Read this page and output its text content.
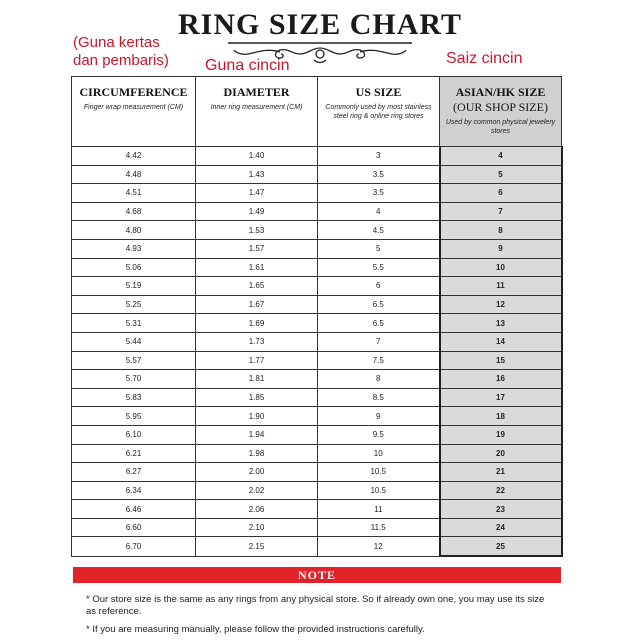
RING SIZE CHART
(Guna kertas
dan pembaris) Guna cincin	Saiz cincin
CIRCUMFERENCE
Finger wrap measurement (CM)	DIAMETER
Inner ring measurement (CM)	US SIZE
Commonly used by most stainless steel ring & online ring stores	ASIAN/HK SIZE
(OUR SHOP SIZE)
Used by common physical jewelery stores

4.42	1.40	3	4
4.48	1.43	3.5	5
4.51	1.47	3.5	6
4.68	1.49	4	7
4.80	1.53	4.5	8
4.93	1.57	5	9
5.06	1.61	5.5	10
5.19	1.65	6	11
5.25	1.67	6.5	12
5.31	1.69	6.5	13
5.44	1.73	7	14
5.57	1.77	7.5	15
5.70	1.81	8	16
5.83	1.85	8.5	17
5.95	1.90	9	18
6.10	1.94	9.5	19
6.21	1.98	10	20
6.27	2.00	10.5	21
6.34	2.02	10.5	22
6.46	2.06	11	23
6.60	2.10	11.5	24
6.70	2.15	12	25
NOTE

* Our store size is the same as any rings from any physical store. So if already own one, you may use its size as reference.

* If you are measuring manually, please follow the provided instructions carefully.
